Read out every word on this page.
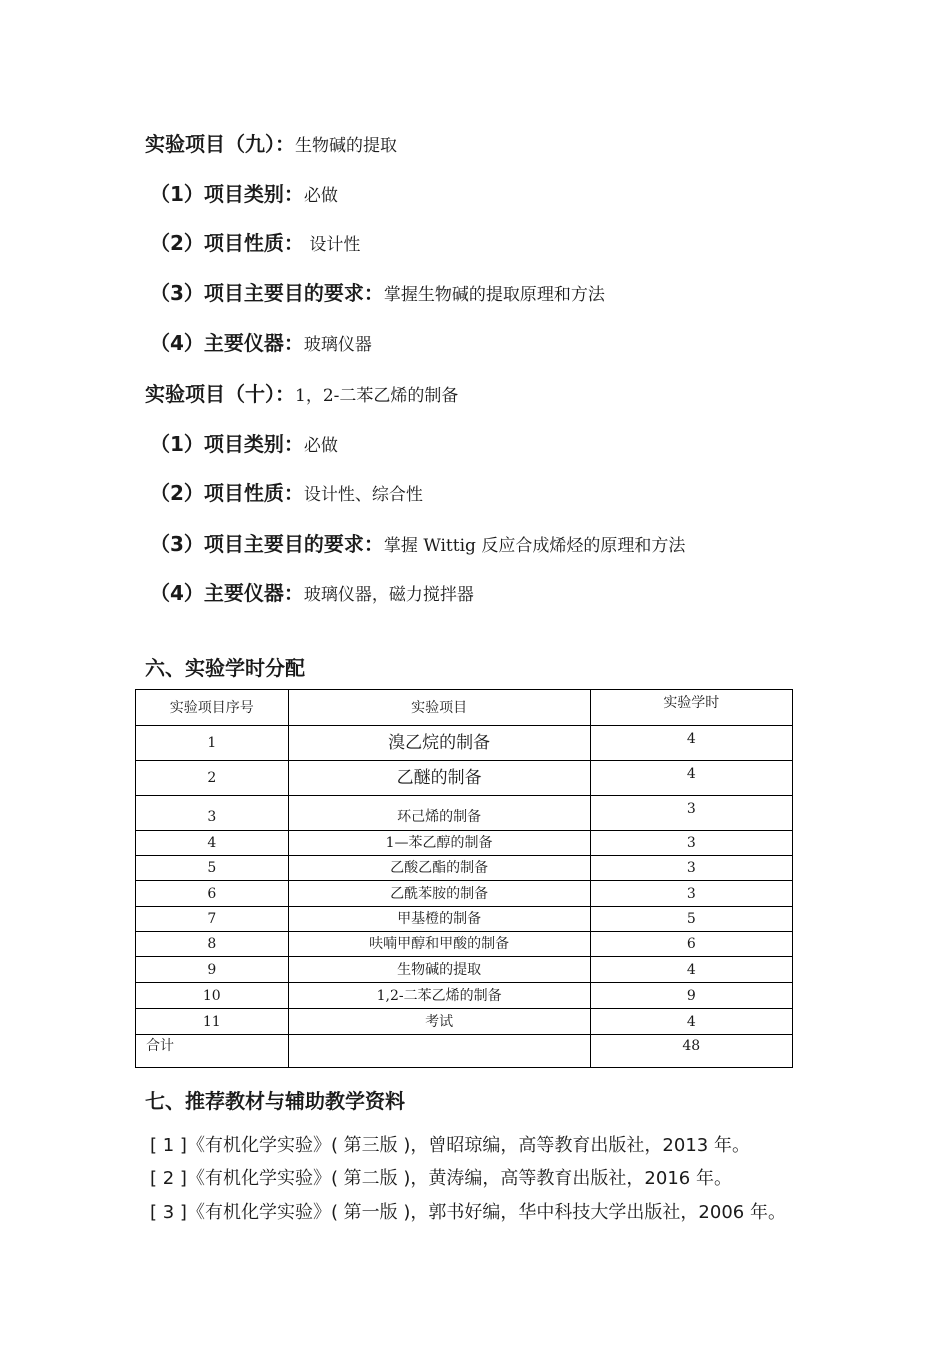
实验项目（九）：生物碱的提取
（1）项目类别：必做
（2）项目性质： 设计性
（3）项目主要目的要求：掌握生物碱的提取原理和方法
（4）主要仪器：玻璃仪器
实验项目（十）：1，2-二苯乙烯的制备
（1）项目类别：必做
（2）项目性质：设计性、综合性
（3）项目主要目的要求：掌握 Wittig 反应合成烯烃的原理和方法
（4）主要仪器：玻璃仪器，磁力搅拌器
六、实验学时分配
实验项目序号	实验项目	实验学时
1	溴乙烷的制备	4
2	乙醚的制备	4
3	环己烯的制备	3
4	1—苯乙醇的制备	3
5	乙酸乙酯的制备	3
6	乙酰苯胺的制备	3
7	甲基橙的制备	5
8	呋喃甲醇和甲酸的制备	6
9	生物碱的提取	4
10	1,2-二苯乙烯的制备	9
11	考试	4
合计		48
七、推荐教材与辅助教学资料
[ 1 ]《有机化学实验》( 第三版 )，曾昭琼编，高等教育出版社，2013 年。
[ 2 ]《有机化学实验》( 第二版 )，黄涛编，高等教育出版社，2016 年。
[ 3 ]《有机化学实验》( 第一版 )，郭书好编，华中科技大学出版社，2006 年。
